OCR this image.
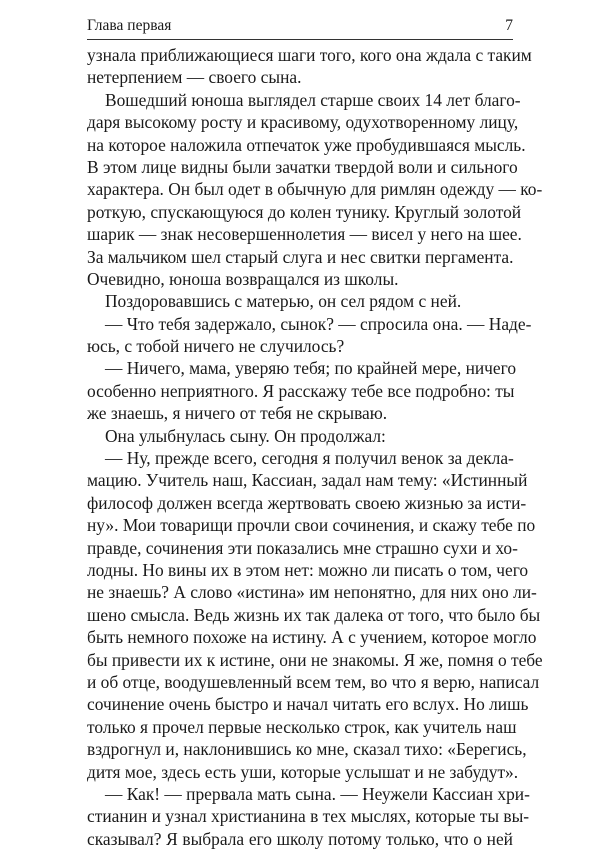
Глава первая	7
узнала приближающиеся шаги того, кого она ждала с таким
нетерпением — своего сына.
Вошедший юноша выглядел старше своих 14 лет благо-
даря высокому росту и красивому, одухотворенному лицу,
на которое наложила отпечаток уже пробудившаяся мысль.
В этом лице видны были зачатки твердой воли и сильного
характера. Он был одет в обычную для римлян одежду — ко-
роткую, спускающуюся до колен тунику. Круглый золотой
шарик — знак несовершеннолетия — висел у него на шее.
За мальчиком шел старый слуга и нес свитки пергамента.
Очевидно, юноша возвращался из школы.
Поздоровавшись с матерью, он сел рядом с ней.
— Что тебя задержало, сынок? — спросила она. — Наде-
юсь, с тобой ничего не случилось?
— Ничего, мама, уверяю тебя; по крайней мере, ничего
особенно неприятного. Я расскажу тебе все подробно: ты
же знаешь, я ничего от тебя не скрываю.
Она улыбнулась сыну. Он продолжал:
— Ну, прежде всего, сегодня я получил венок за декла-
мацию. Учитель наш, Кассиан, задал нам тему: «Истинный
философ должен всегда жертвовать своею жизнью за исти-
ну». Мои товарищи прочли свои сочинения, и скажу тебе по
правде, сочинения эти показались мне страшно сухи и хо-
лодны. Но вины их в этом нет: можно ли писать о том, чего
не знаешь? А слово «истина» им непонятно, для них оно ли-
шено смысла. Ведь жизнь их так далека от того, что было бы
быть немного похоже на истину. А с учением, которое могло
бы привести их к истине, они не знакомы. Я же, помня о тебе
и об отце, воодушевленный всем тем, во что я верю, написал
сочинение очень быстро и начал читать его вслух. Но лишь
только я прочел первые несколько строк, как учитель наш
вздрогнул и, наклонившись ко мне, сказал тихо: «Берегись,
дитя мое, здесь есть уши, которые услышат и не забудут».
— Как! — прервала мать сына. — Неужели Кассиан хри-
стианин и узнал христианина в тех мыслях, которые ты вы-
сказывал? Я выбрала его школу потому только, что о ней
